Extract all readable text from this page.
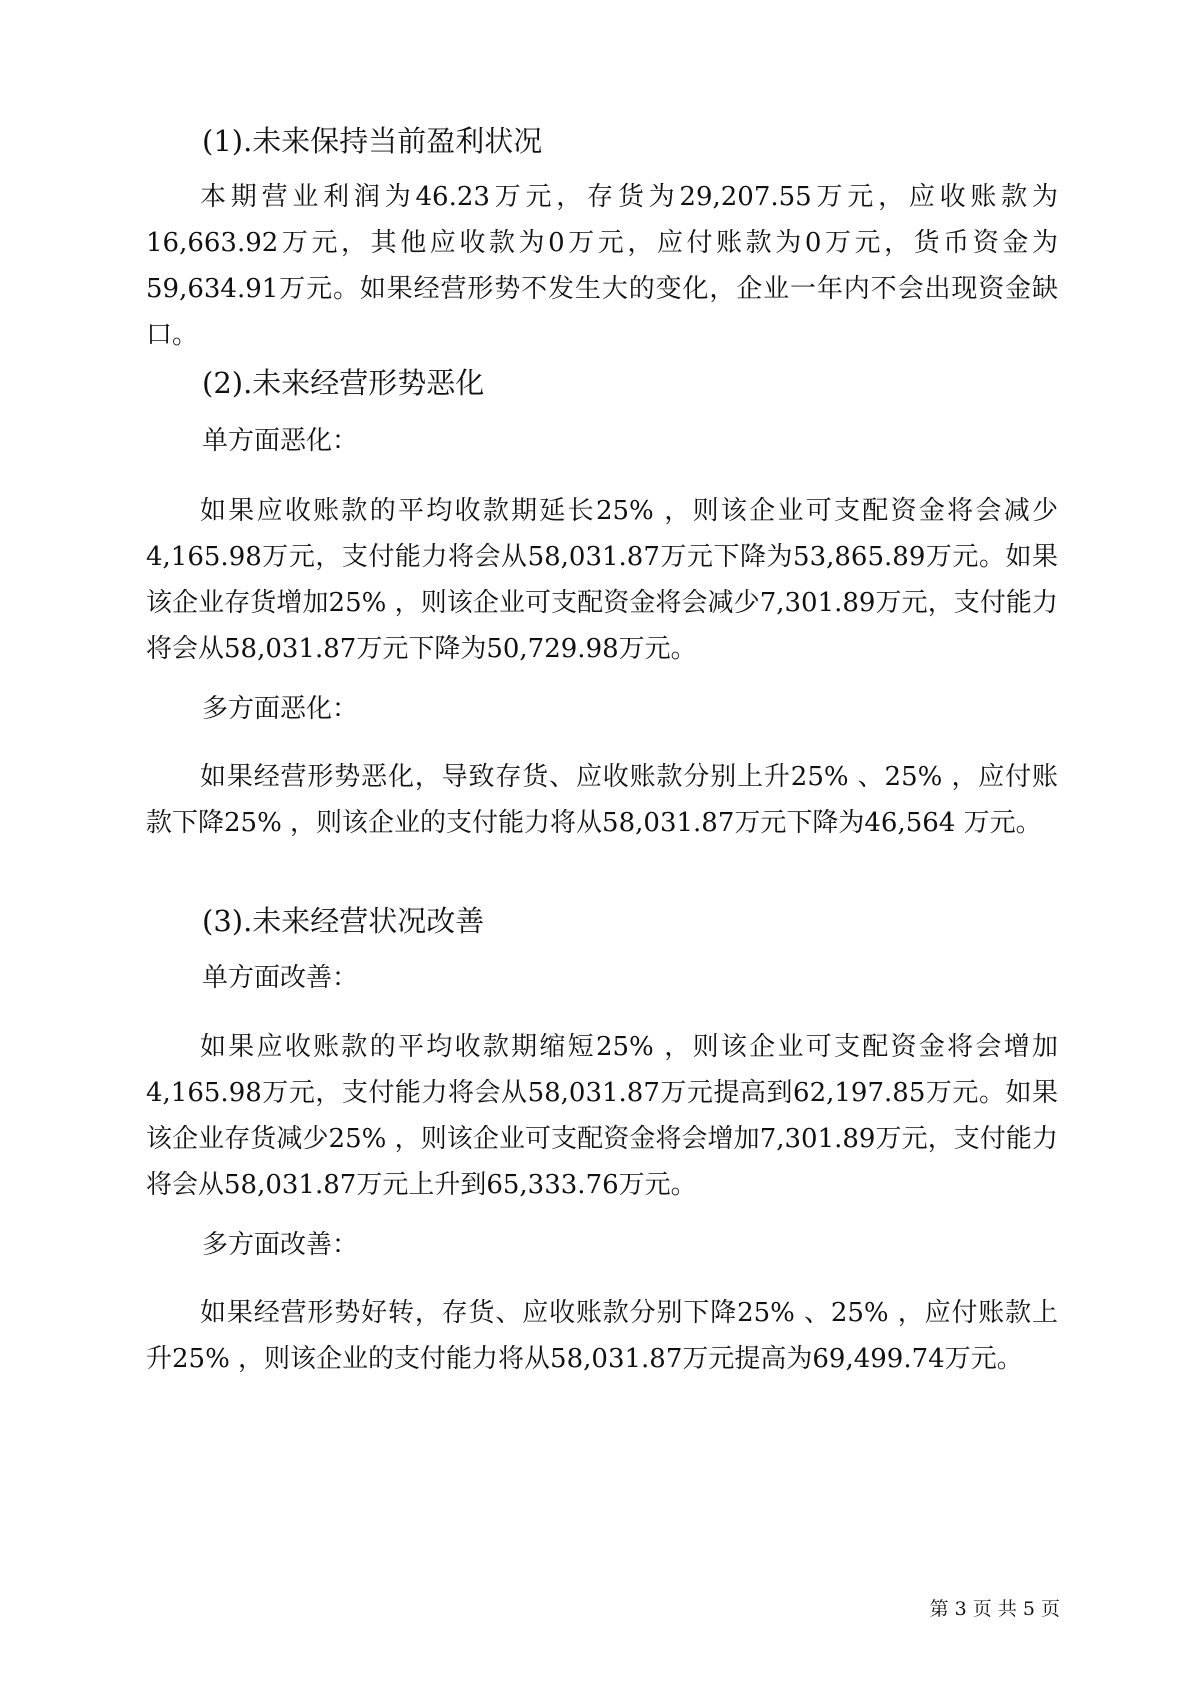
(1).未来保持当前盈利状况

本期营业利润为46.23万元，存货为29,207.55万元，应收账款为16,663.92万元，其他应收款为0万元，应付账款为0万元，货币资金为59,634.91万元。如果经营形势不发生大的变化，企业一年内不会出现资金缺口。

(2).未来经营形势恶化

单方面恶化：

如果应收账款的平均收款期延长25% ，则该企业可支配资金将会减少4,165.98万元，支付能力将会从58,031.87万元下降为53,865.89万元。如果该企业存货增加25% ，则该企业可支配资金将会减少7,301.89万元，支付能力将会从58,031.87万元下降为50,729.98万元。

多方面恶化：

如果经营形势恶化，导致存货、应收账款分别上升25% 、25% ，应付账款下降25% ，则该企业的支付能力将从58,031.87万元下降为46,564 万元。

(3).未来经营状况改善

单方面改善：

如果应收账款的平均收款期缩短25% ，则该企业可支配资金将会增加4,165.98万元，支付能力将会从58,031.87万元提高到62,197.85万元。如果该企业存货减少25% ，则该企业可支配资金将会增加7,301.89万元，支付能力将会从58,031.87万元上升到65,333.76万元。

多方面改善：

如果经营形势好转，存货、应收账款分别下降25% 、25% ，应付账款上升25% ，则该企业的支付能力将从58,031.87万元提高为69,499.74万元。

第 3 页 共 5 页
